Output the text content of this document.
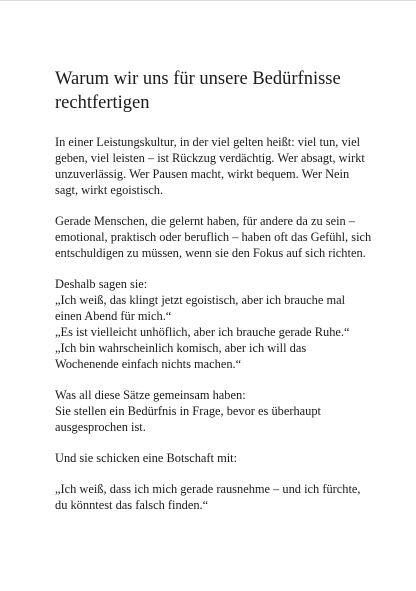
Warum wir uns für unsere Bedürfnisse
rechtfertigen

In einer Leistungskultur, in der viel gelten heißt: viel tun, viel
geben, viel leisten – ist Rückzug verdächtig. Wer absagt, wirkt
unzuverlässig. Wer Pausen macht, wirkt bequem. Wer Nein
sagt, wirkt egoistisch.

Gerade Menschen, die gelernt haben, für andere da zu sein –
emotional, praktisch oder beruflich – haben oft das Gefühl, sich
entschuldigen zu müssen, wenn sie den Fokus auf sich richten.

Deshalb sagen sie:
„Ich weiß, das klingt jetzt egoistisch, aber ich brauche mal
einen Abend für mich.“
„Es ist vielleicht unhöflich, aber ich brauche gerade Ruhe.“
„Ich bin wahrscheinlich komisch, aber ich will das
Wochenende einfach nichts machen.“

Was all diese Sätze gemeinsam haben:
Sie stellen ein Bedürfnis in Frage, bevor es überhaupt
ausgesprochen ist.

Und sie schicken eine Botschaft mit:

„Ich weiß, dass ich mich gerade rausnehme – und ich fürchte,
du könntest das falsch finden.“
